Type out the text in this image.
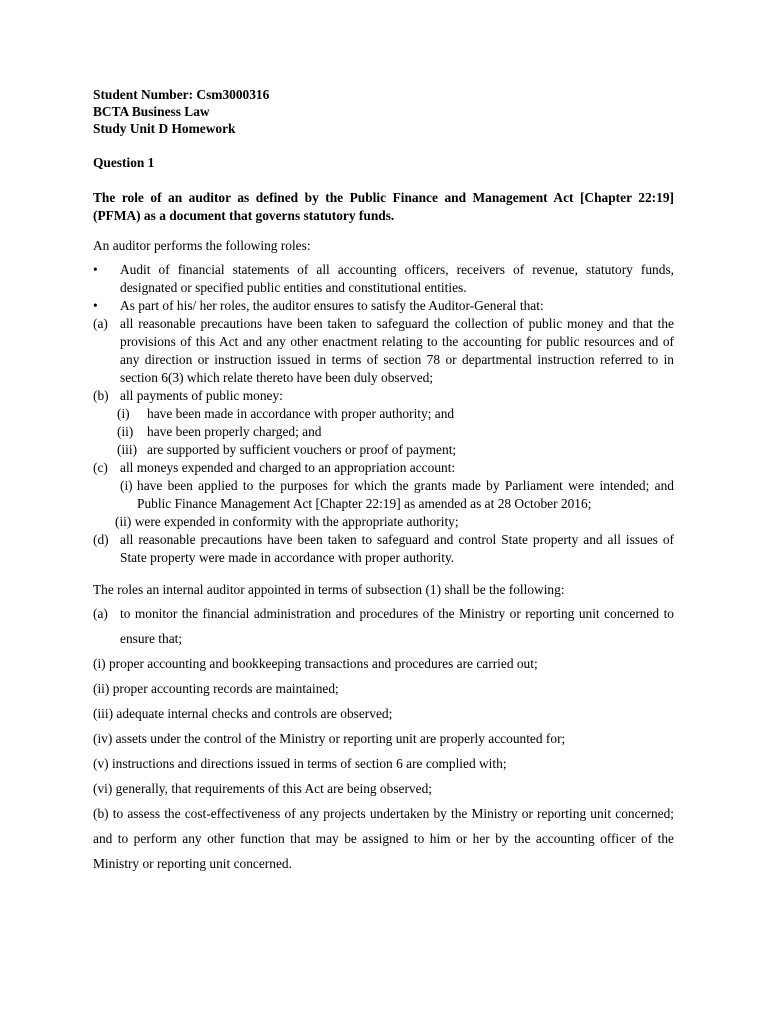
Student Number: Csm3000316
BCTA Business Law
Study Unit D Homework
Question 1
The role of an auditor as defined by the Public Finance and Management Act [Chapter 22:19] (PFMA) as a document that governs statutory funds.
An auditor performs the following roles:
• Audit of financial statements of all accounting officers, receivers of revenue, statutory funds, designated or specified public entities and constitutional entities.
• As part of his/ her roles, the auditor ensures to satisfy the Auditor-General that:
(a) all reasonable precautions have been taken to safeguard the collection of public money and that the provisions of this Act and any other enactment relating to the accounting for public resources and of any direction or instruction issued in terms of section 78 or departmental instruction referred to in section 6(3) which relate thereto have been duly observed;
(b) all payments of public money:
(i) have been made in accordance with proper authority; and
(ii) have been properly charged; and
(iii) are supported by sufficient vouchers or proof of payment;
(c) all moneys expended and charged to an appropriation account:
(i) have been applied to the purposes for which the grants made by Parliament were intended; and Public Finance Management Act [Chapter 22:19] as amended as at 28 October 2016;
(ii) were expended in conformity with the appropriate authority;
(d) all reasonable precautions have been taken to safeguard and control State property and all issues of State property were made in accordance with proper authority.
The roles an internal auditor appointed in terms of subsection (1) shall be the following:
(a) to monitor the financial administration and procedures of the Ministry or reporting unit concerned to ensure that;
(i) proper accounting and bookkeeping transactions and procedures are carried out;
(ii) proper accounting records are maintained;
(iii) adequate internal checks and controls are observed;
(iv) assets under the control of the Ministry or reporting unit are properly accounted for;
(v) instructions and directions issued in terms of section 6 are complied with;
(vi) generally, that requirements of this Act are being observed;
(b) to assess the cost-effectiveness of any projects undertaken by the Ministry or reporting unit concerned; and to perform any other function that may be assigned to him or her by the accounting officer of the Ministry or reporting unit concerned.
